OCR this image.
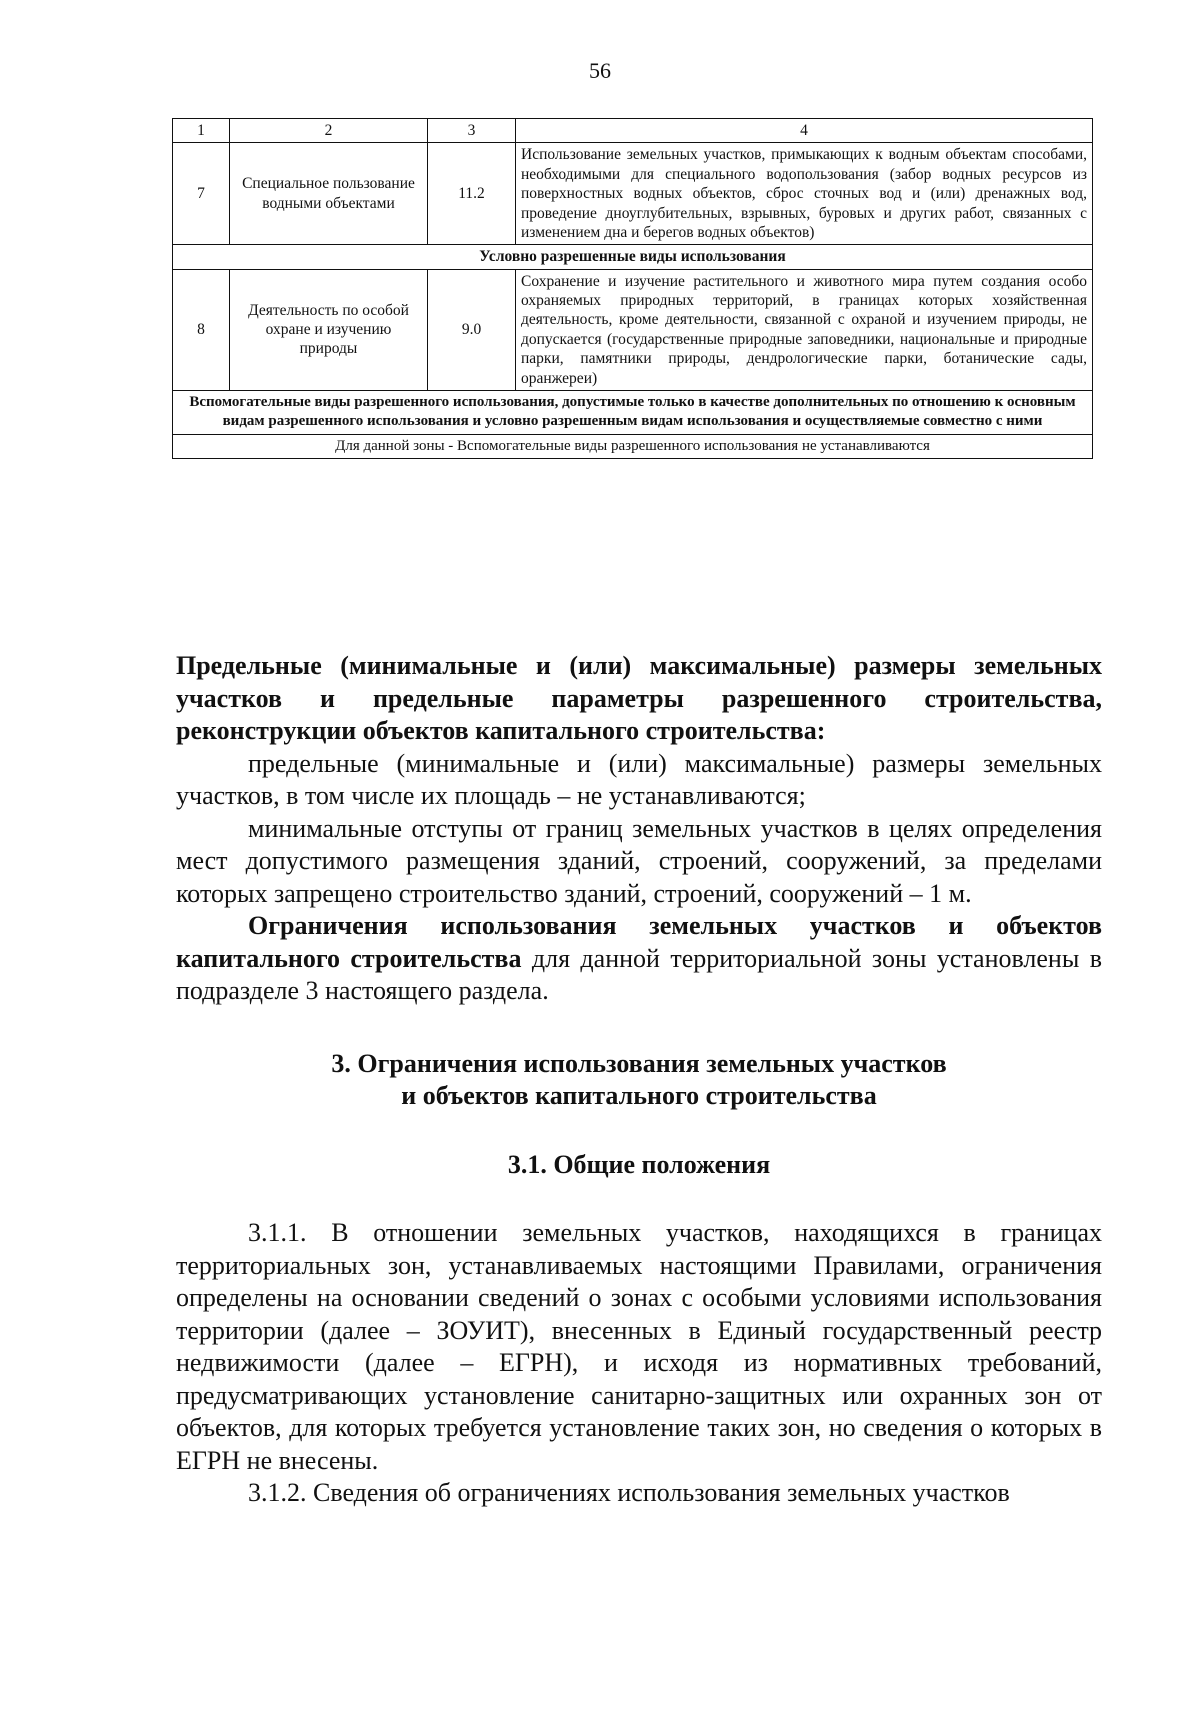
56
1	2	3	4
7	Специальное пользование водными объектами	11.2	Использование земельных участков, примыкающих к водным объектам способами, необходимыми для специального водопользования (забор водных ресурсов из поверхностных водных объектов, сброс сточных вод и (или) дренажных вод, проведение дноуглубительных, взрывных, буровых и других работ, связанных с изменением дна и берегов водных объектов)
Условно разрешенные виды использования			
8	Деятельность по особой охране и изучению природы	9.0	Сохранение и изучение растительного и животного мира путем создания особо охраняемых природных территорий, в границах которых хозяйственная деятельность, кроме деятельности, связанной с охраной и изучением природы, не допускается (государственные природные заповедники, национальные и природные парки, памятники природы, дендрологические парки, ботанические сады, оранжереи)
Вспомогательные виды разрешенного использования, допустимые только в качестве дополнительных по отношению к основным видам разрешенного использования и условно разрешенным видам использования и осуществляемые совместно с ними			
Для данной зоны - Вспомогательные виды разрешенного использования не устанавливаются			

Предельные (минимальные и (или) максимальные) размеры земельных участков и предельные параметры разрешенного строительства, реконструкции объектов капитального строительства:

предельные (минимальные и (или) максимальные) размеры земельных участков, в том числе их площадь – не устанавливаются;

минимальные отступы от границ земельных участков в целях определения мест допустимого размещения зданий, строений, сооружений, за пределами которых запрещено строительство зданий, строений, сооружений – 1 м.

Ограничения использования земельных участков и объектов капитального строительства для данной территориальной зоны установлены в подразделе 3 настоящего раздела.

3. Ограничения использования земельных участков

и объектов капитального строительства

3.1. Общие положения

3.1.1. В отношении земельных участков, находящихся в границах территориальных зон, устанавливаемых настоящими Правилами, ограничения определены на основании сведений о зонах с особыми условиями использования территории (далее – ЗОУИТ), внесенных в Единый государственный реестр недвижимости (далее – ЕГРН), и исходя из нормативных требований, предусматривающих установление санитарно-защитных или охранных зон от объектов, для которых требуется установление таких зон, но сведения о которых в ЕГРН не внесены.

3.1.2. Сведения об ограничениях использования земельных участков
